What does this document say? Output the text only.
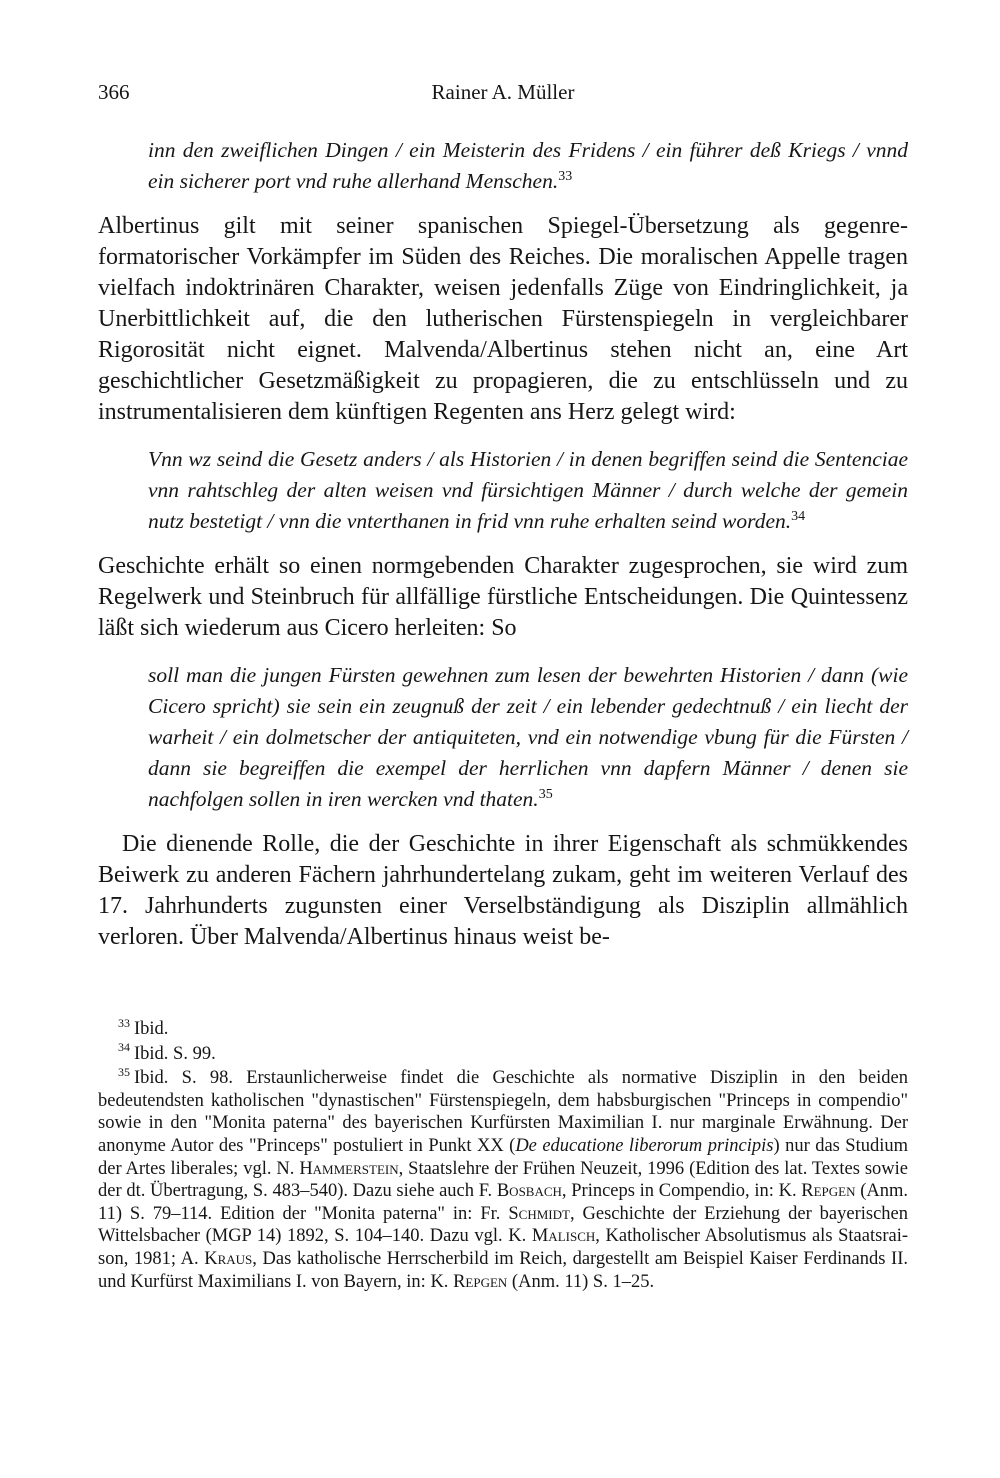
366	Rainer A. Müller

inn den zweiflichen Dingen / ein Meisterin des Fridens / ein führer deß Kriegs / vnnd ein sicherer port vnd ruhe allerhand Menschen.$^{33}$

Albertinus gilt mit seiner spanischen Spiegel-Übersetzung als gegenreformatorischer Vorkämpfer im Süden des Reiches. Die moralischen Appelle tragen vielfach indoktrinären Charakter, weisen jedenfalls Züge von Eindringlichkeit, ja Unerbittlichkeit auf, die den lutherischen Fürstenspiegeln in vergleichbarer Rigorosität nicht eignet. Malvenda/Albertinus stehen nicht an, eine Art geschichtlicher Gesetzmäßigkeit zu propagieren, die zu entschlüsseln und zu instrumentalisieren dem künftigen Regenten ans Herz gelegt wird:

Vnn wz seind die Gesetz anders / als Historien / in denen begriffen seind die Sentenciae vnn rahtschleg der alten weisen vnd fürsichtigen Männer / durch welche der gemein nutz bestetigt / vnn die vnterthanen in frid vnn ruhe erhalten seind worden.$^{34}$

Geschichte erhält so einen normgebenden Charakter zugesprochen, sie wird zum Regelwerk und Steinbruch für allfällige fürstliche Entscheidungen. Die Quintessenz läßt sich wiederum aus Cicero herleiten: So

soll man die jungen Fürsten gewehnen zum lesen der bewehrten Historien / dann (wie Cicero spricht) sie sein ein zeugnuß der zeit / ein lebender gedechtnuß / ein liecht der warheit / ein dolmetscher der antiquiteten, vnd ein notwendige vbung für die Fürsten / dann sie begreiffen die exempel der herrlichen vnn dapfern Männer / denen sie nachfolgen sollen in iren wercken vnd thaten.$^{35}$

Die dienende Rolle, die der Geschichte in ihrer Eigenschaft als schmükkendes Beiwerk zu anderen Fächern jahrhundertelang zukam, geht im weiteren Verlauf des 17. Jahrhunderts zugunsten einer Verselbständigung als Disziplin allmählich verloren. Über Malvenda/Albertinus hinaus weist be-

$^{33}$ Ibid.

$^{34}$ Ibid. S. 99.

$^{35}$ Ibid. S. 98. Erstaunlicherweise findet die Geschichte als normative Disziplin in den beiden bedeutendsten katholischen "dynastischen" Fürstenspiegeln, dem habsburgischen "Princeps in compendio" sowie in den "Monita paterna" des bayerischen Kurfürsten Maximilian I. nur marginale Erwähnung. Der anonyme Autor des "Princeps" postuliert in Punkt XX (De educatione liberorum principis) nur das Studium der Artes liberales; vgl. N. Hammerstein, Staatslehre der Frühen Neuzeit, 1996 (Edition des lat. Textes sowie der dt. Übertragung, S. 483–540). Dazu siehe auch F. Bosbach, Princeps in Compendio, in: K. Repgen (Anm. 11) S. 79–114. Edition der "Monita paterna" in: Fr. Schmidt, Geschichte der Erziehung der bayerischen Wittelsbacher (MGP 14) 1892, S. 104–140. Dazu vgl. K. Malisch, Katholischer Absolutismus als Staatsraison, 1981; A. Kraus, Das katholische Herrscherbild im Reich, dargestellt am Beispiel Kaiser Ferdinands II. und Kurfürst Maximilians I. von Bayern, in: K. Repgen (Anm. 11) S. 1–25.
